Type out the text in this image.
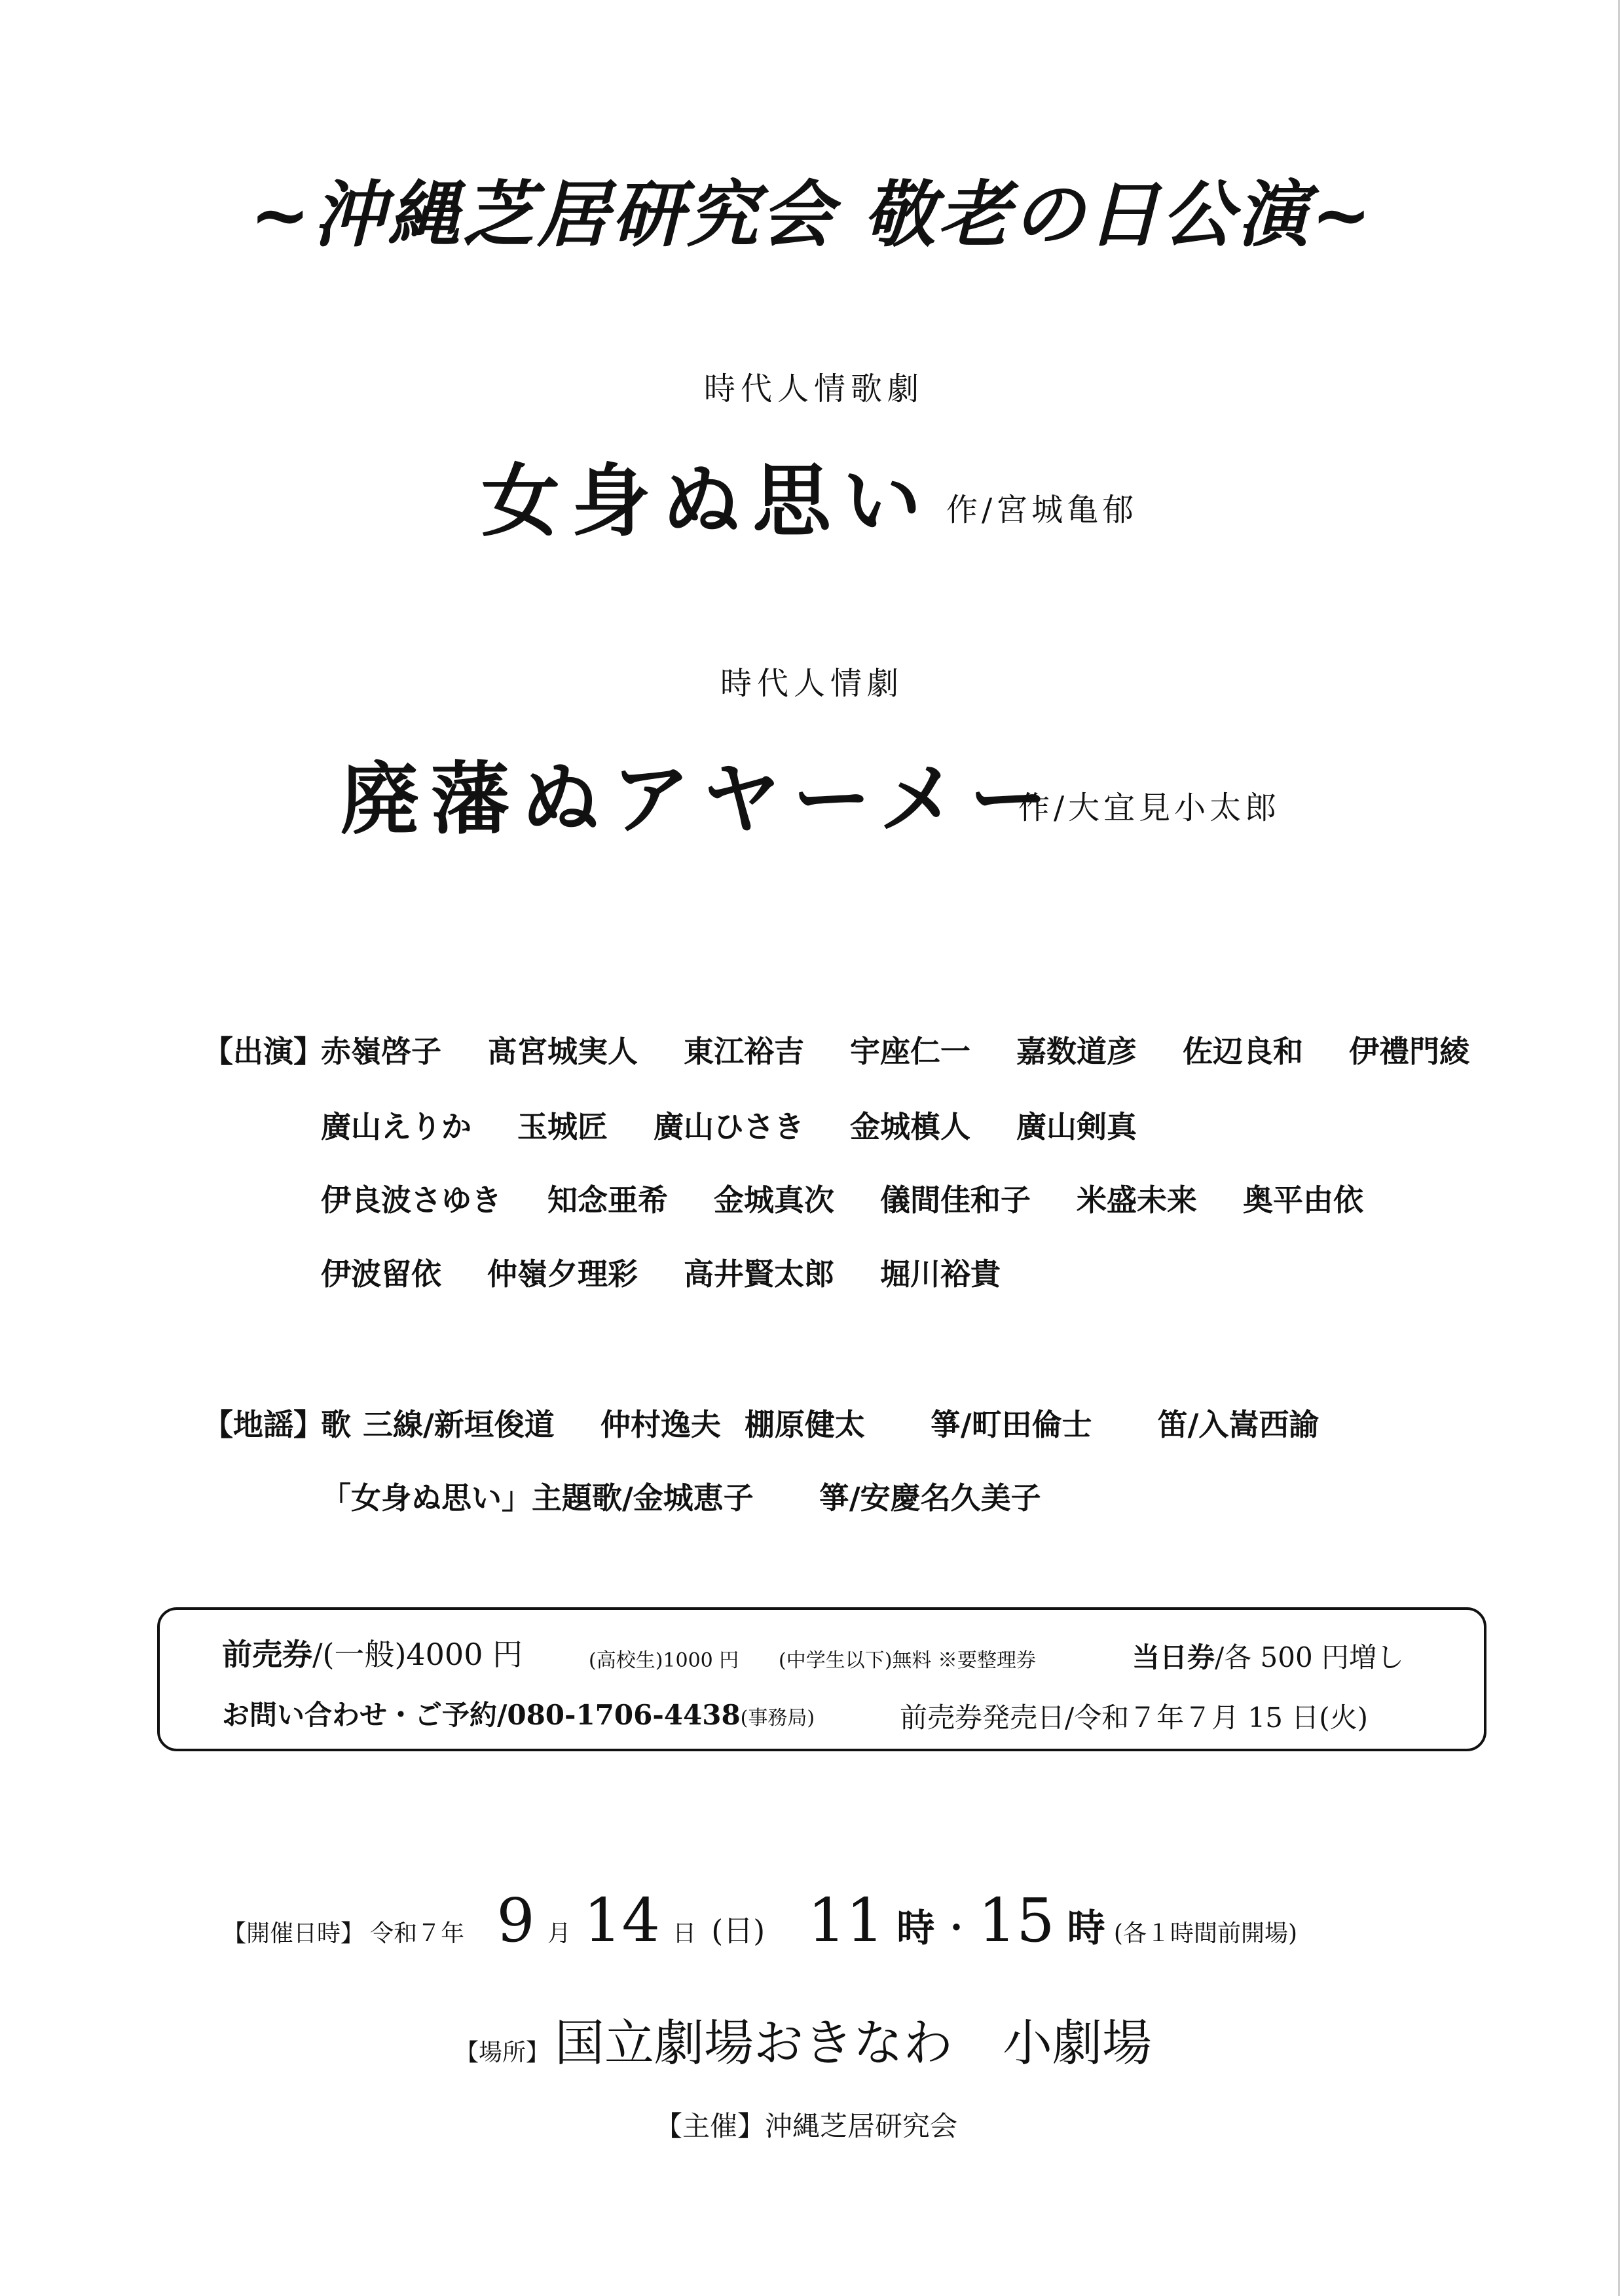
~沖縄芝居研究会 敬老の日公演~
時代人情歌劇
女身ぬ思い 作/宮城亀郁
時代人情劇
廃藩ぬアヤーメー
作/大宜見小太郎
【出演】
赤嶺啓子 髙宮城実人 東江裕吉 宇座仁一 嘉数道彦 佐辺良和 伊禮門綾
廣山えりか 玉城匠 廣山ひさき 金城槙人 廣山剣真
伊良波さゆき 知念亜希 金城真次 儀間佳和子 米盛未来 奥平由依
伊波留依 仲嶺夕理彩 高井賢太郎 堀川裕貴
【地謡】
歌 三線/新垣俊道 仲村逸夫 棚原健太 箏/町田倫士 笛/入嵩西諭
「女身ぬ思い」主題歌/金城恵子 箏/安慶名久美子
前売券/(一般)4000 円	(高校生)1000 円 (中学生以下)無料 ※要整理券	当日券/各 500 円増し
お問い合わせ・ご予約/080-1706-4438(事務局)	前売券発売日/令和７年７月 15 日(火)
【開催日時】 令和７年 9 月 14 日 (日) 11 時 ・ 15 時 (各１時間前開場)
【場所】 国立劇場おきなわ　小劇場
【主催】沖縄芝居研究会
